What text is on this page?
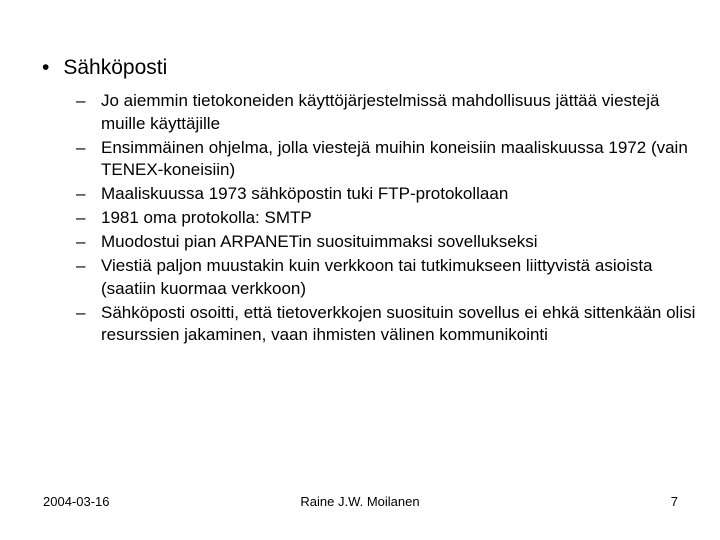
• Sähköposti
– Jo aiemmin tietokoneiden käyttöjärjestelmissä mahdollisuus jättää viestejä muille käyttäjille
– Ensimmäinen ohjelma, jolla viestejä muihin koneisiin maaliskuussa 1972 (vain TENEX-koneisiin)
– Maaliskuussa 1973 sähköpostin tuki FTP-protokollaan
– 1981 oma protokolla: SMTP
– Muodostui pian ARPANETin suosituimmaksi sovellukseksi
– Viestiä paljon muustakin kuin verkkoon tai tutkimukseen liittyvistä asioista (saatiin kuormaa verkkoon)
– Sähköposti osoitti, että tietoverkkojen suosituin sovellus ei ehkä sittenkään olisi resurssien jakaminen, vaan ihmisten välinen kommunikointi
2004-03-16	Raine J.W. Moilanen	7
